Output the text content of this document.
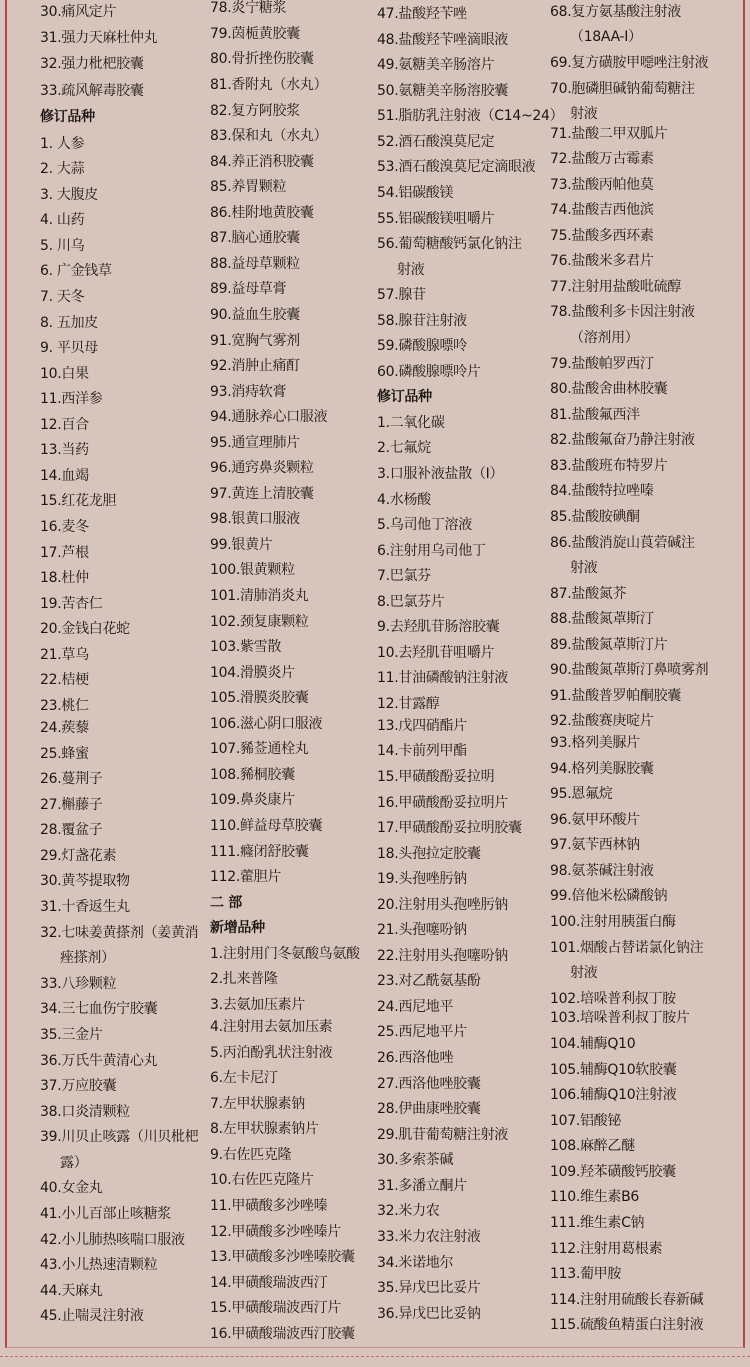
30.痛风定片
31.强力天麻杜仲丸
32.强力枇杷胶囊
33.疏风解毒胶囊
修订品种
1. 人参
2. 大蒜
3. 大腹皮
4. 山药
5. 川乌
6. 广金钱草
7. 天冬
8. 五加皮
9. 平贝母
10.白果
11.西洋参
12.百合
13.当药
14.血竭
15.红花龙胆
16.麦冬
17.芦根
18.杜仲
19.苦杏仁
20.金钱白花蛇
21.草乌
22.桔梗
23.桃仁
24.蒺藜
25.蜂蜜
26.蔓荆子
27.槲藤子
28.覆盆子
29.灯盏花素
30.黄芩提取物
31.十香返生丸
32.七味姜黄搽剂（姜黄消
痤搽剂）
33.八珍颗粒
34.三七血伤宁胶囊
35.三金片
36.万氏牛黄清心丸
37.万应胶囊
38.口炎清颗粒
39.川贝止咳露（川贝枇杷
露）
40.女金丸
41.小儿百部止咳糖浆
42.小儿肺热咳喘口服液
43.小儿热速清颗粒
44.天麻丸
45.止喘灵注射液
78.炎宁糖浆
79.茵栀黄胶囊
80.骨折挫伤胶囊
81.香附丸（水丸）
82.复方阿胶浆
83.保和丸（水丸）
84.养正消积胶囊
85.养胃颗粒
86.桂附地黄胶囊
87.脑心通胶囊
88.益母草颗粒
89.益母草膏
90.益血生胶囊
91.宽胸气雾剂
92.消肿止痛酊
93.消痔软膏
94.通脉养心口服液
95.通宣理肺片
96.通窍鼻炎颗粒
97.黄连上清胶囊
98.银黄口服液
99.银黄片
100.银黄颗粒
101.清肺消炎丸
102.颈复康颗粒
103.紫雪散
104.滑膜炎片
105.滑膜炎胶囊
106.滋心阴口服液
107.豨莶通栓丸
108.豨桐胶囊
109.鼻炎康片
110.鲜益母草胶囊
111.癃闭舒胶囊
112.藿胆片
二 部
新增品种
1.注射用门冬氨酸鸟氨酸
2.扎来普隆
3.去氨加压素片
4.注射用去氨加压素
5.丙泊酚乳状注射液
6.左卡尼汀
7.左甲状腺素钠
8.左甲状腺素钠片
9.右佐匹克隆
10.右佐匹克隆片
11.甲磺酸多沙唑嗪
12.甲磺酸多沙唑嗪片
13.甲磺酸多沙唑嗪胶囊
14.甲磺酸瑞波西汀
15.甲磺酸瑞波西汀片
16.甲磺酸瑞波西汀胶囊
47.盐酸羟苄唑
48.盐酸羟苄唑滴眼液
49.氨糖美辛肠溶片
50.氨糖美辛肠溶胶囊
51.脂肪乳注射液（C14~24）
52.酒石酸溴莫尼定
53.酒石酸溴莫尼定滴眼液
54.铝碳酸镁
55.铝碳酸镁咀嚼片
56.葡萄糖酸钙氯化钠注
射液
57.腺苷
58.腺苷注射液
59.磷酸腺嘌呤
60.磷酸腺嘌呤片
修订品种
1.二氧化碳
2.七氟烷
3.口服补液盐散（Ⅰ）
4.水杨酸
5.乌司他丁溶液
6.注射用乌司他丁
7.巴氯芬
8.巴氯芬片
9.去羟肌苷肠溶胶囊
10.去羟肌苷咀嚼片
11.甘油磷酸钠注射液
12.甘露醇
13.戊四硝酯片
14.卡前列甲酯
15.甲磺酸酚妥拉明
16.甲磺酸酚妥拉明片
17.甲磺酸酚妥拉明胶囊
18.头孢拉定胶囊
19.头孢唑肟钠
20.注射用头孢唑肟钠
21.头孢噻吩钠
22.注射用头孢噻吩钠
23.对乙酰氨基酚
24.西尼地平
25.西尼地平片
26.西洛他唑
27.西洛他唑胶囊
28.伊曲康唑胶囊
29.肌苷葡萄糖注射液
30.多索茶碱
31.多潘立酮片
32.米力农
33.米力农注射液
34.米诺地尔
35.异戊巴比妥片
36.异戊巴比妥钠
68.复方氨基酸注射液
（18AA-Ⅰ）
69.复方磺胺甲噁唑注射液
70.胞磷胆碱钠葡萄糖注
射液
71.盐酸二甲双胍片
72.盐酸万古霉素
73.盐酸丙帕他莫
74.盐酸吉西他滨
75.盐酸多西环素
76.盐酸米多君片
77.注射用盐酸吡硫醇
78.盐酸利多卡因注射液
（溶剂用）
79.盐酸帕罗西汀
80.盐酸舍曲林胶囊
81.盐酸氟西泮
82.盐酸氟奋乃静注射液
83.盐酸班布特罗片
84.盐酸特拉唑嗪
85.盐酸胺碘酮
86.盐酸消旋山莨菪碱注
射液
87.盐酸氮芥
88.盐酸氮䓬斯汀
89.盐酸氮䓬斯汀片
90.盐酸氮䓬斯汀鼻喷雾剂
91.盐酸普罗帕酮胶囊
92.盐酸赛庚啶片
93.格列美脲片
94.格列美脲胶囊
95.恩氟烷
96.氨甲环酸片
97.氨苄西林钠
98.氨茶碱注射液
99.倍他米松磷酸钠
100.注射用胰蛋白酶
101.烟酸占替诺氯化钠注
射液
102.培哚普利叔丁胺
103.培哚普利叔丁胺片
104.辅酶Q10
105.辅酶Q10软胶囊
106.辅酶Q10注射液
107.铝酸铋
108.麻醉乙醚
109.羟苯磺酸钙胶囊
110.维生素B6
111.维生素C钠
112.注射用葛根素
113.葡甲胺
114.注射用硫酸长春新碱
115.硫酸鱼精蛋白注射液
